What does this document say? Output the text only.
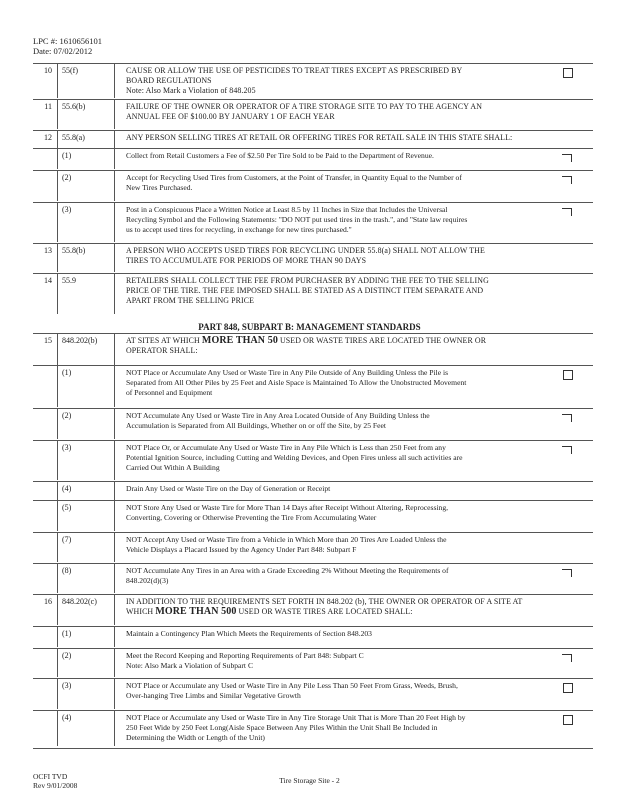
LPC #: 1610656101
Date: 07/02/2012
10 55(f)	CAUSE OR ALLOW THE USE OF PESTICIDES TO TREAT TIRES EXCEPT AS PRESCRIBED BY
BOARD REGULATIONS
Note: Also Mark a Violation of 848.205
11 55.6(b)	FAILURE OF THE OWNER OR OPERATOR OF A TIRE STORAGE SITE TO PAY TO THE AGENCY AN
ANNUAL FEE OF $100.00 BY JANUARY 1 OF EACH YEAR
12 55.8(a)	ANY PERSON SELLING TIRES AT RETAIL OR OFFERING TIRES FOR RETAIL SALE IN THIS STATE SHALL:
(1)	Collect from Retail Customers a Fee of $2.50 Per Tire Sold to be Paid to the Department of Revenue.
(2)	Accept for Recycling Used Tires from Customers, at the Point of Transfer, in Quantity Equal to the Number of
New Tires Purchased.
(3)	Post in a Conspicuous Place a Written Notice at Least 8.5 by 11 Inches in Size that Includes the Universal
Recycling Symbol and the Following Statements: "DO NOT put used tires in the trash.", and "State law requires
us to accept used tires for recycling, in exchange for new tires purchased."
13 55.8(b)	A PERSON WHO ACCEPTS USED TIRES FOR RECYCLING UNDER 55.8(a) SHALL NOT ALLOW THE
TIRES TO ACCUMULATE FOR PERIODS OF MORE THAN 90 DAYS
14 55.9	RETAILERS SHALL COLLECT THE FEE FROM PURCHASER BY ADDING THE FEE TO THE SELLING
PRICE OF THE TIRE. THE FEE IMPOSED SHALL BE STATED AS A DISTINCT ITEM SEPARATE AND
APART FROM THE SELLING PRICE
15 848.202(b)	AT SITES AT WHICH MORE THAN 50 USED OR WASTE TIRES ARE LOCATED THE OWNER OR
OPERATOR SHALL:
(1)	NOT Place or Accumulate Any Used or Waste Tire in Any Pile Outside of Any Building Unless the Pile is
Separated from All Other Piles by 25 Feet and Aisle Space is Maintained To Allow the Unobstructed Movement
of Personnel and Equipment
(2)	NOT Accumulate Any Used or Waste Tire in Any Area Located Outside of Any Building Unless the
Accumulation is Separated from All Buildings, Whether on or off the Site, by 25 Feet
(3)	NOT Place Or, or Accumulate Any Used or Waste Tire in Any Pile Which is Less than 250 Feet from any
Potential Ignition Source, including Cutting and Welding Devices, and Open Fires unless all such activities are
Carried Out Within A Building
(4)	Drain Any Used or Waste Tire on the Day of Generation or Receipt
(5)	NOT Store Any Used or Waste Tire for More Than 14 Days after Receipt Without Altering, Reprocessing,
Converting, Covering or Otherwise Preventing the Tire From Accumulating Water
(7)	NOT Accept Any Used or Waste Tire from a Vehicle in Which More than 20 Tires Are Loaded Unless the
Vehicle Displays a Placard Issued by the Agency Under Part 848: Subpart F
(8)	NOT Accumulate Any Tires in an Area with a Grade Exceeding 2% Without Meeting the Requirements of
848.202(d)(3)
16 848.202(c)	IN ADDITION TO THE REQUIREMENTS SET FORTH IN 848.202 (b), THE OWNER OR OPERATOR OF A SITE AT
WHICH MORE THAN 500 USED OR WASTE TIRES ARE LOCATED SHALL:
(1)	Maintain a Contingency Plan Which Meets the Requirements of Section 848.203
(2)	Meet the Record Keeping and Reporting Requirements of Part 848: Subpart C
Note: Also Mark a Violation of Subpart C
(3)	NOT Place or Accumulate any Used or Waste Tire in Any Pile Less Than 50 Feet From Grass, Weeds, Brush,
Over-hanging Tree Limbs and Similar Vegetative Growth
(4)	NOT Place or Accumulate any Used or Waste Tire in Any Tire Storage Unit That is More Than 20 Feet High by
250 Feet Wide by 250 Feet Long(Aisle Space Between Any Piles Within the Unit Shall Be Included in
Determining the Width or Length of the Unit)
PART 848, SUBPART B: MANAGEMENT STANDARDS
OCFI TVD
Rev 9/01/2008
Tire Storage Site - 2
